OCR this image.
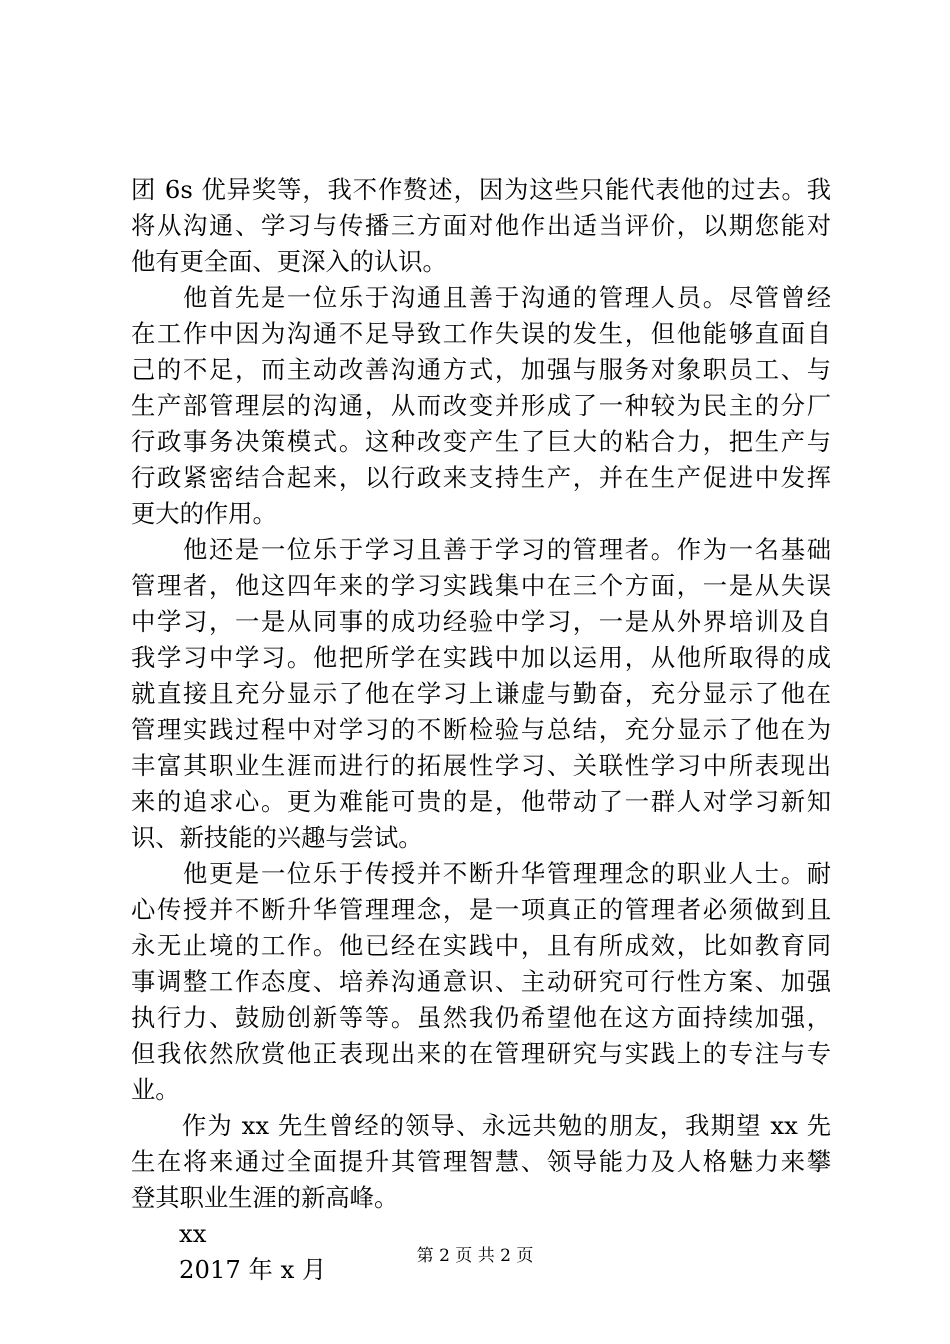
团 6s 优异奖等，我不作赘述，因为这些只能代表他的过去。我
将从沟通、学习与传播三方面对他作出适当评价，以期您能对
他有更全面、更深入的认识。
　　他首先是一位乐于沟通且善于沟通的管理人员。尽管曾经
在工作中因为沟通不足导致工作失误的发生，但他能够直面自
己的不足，而主动改善沟通方式，加强与服务对象职员工、与
生产部管理层的沟通，从而改变并形成了一种较为民主的分厂
行政事务决策模式。这种改变产生了巨大的粘合力，把生产与
行政紧密结合起来，以行政来支持生产，并在生产促进中发挥
更大的作用。
　　他还是一位乐于学习且善于学习的管理者。作为一名基础
管理者，他这四年来的学习实践集中在三个方面，一是从失误
中学习，一是从同事的成功经验中学习，一是从外界培训及自
我学习中学习。他把所学在实践中加以运用，从他所取得的成
就直接且充分显示了他在学习上谦虚与勤奋，充分显示了他在
管理实践过程中对学习的不断检验与总结，充分显示了他在为
丰富其职业生涯而进行的拓展性学习、关联性学习中所表现出
来的追求心。更为难能可贵的是，他带动了一群人对学习新知
识、新技能的兴趣与尝试。
　　他更是一位乐于传授并不断升华管理理念的职业人士。耐
心传授并不断升华管理理念，是一项真正的管理者必须做到且
永无止境的工作。他已经在实践中，且有所成效，比如教育同
事调整工作态度、培养沟通意识、主动研究可行性方案、加强
执行力、鼓励创新等等。虽然我仍希望他在这方面持续加强，
但我依然欣赏他正表现出来的在管理研究与实践上的专注与专
业。
　　作为 xx 先生曾经的领导、永远共勉的朋友，我期望 xx 先
生在将来通过全面提升其管理智慧、领导能力及人格魅力来攀
登其职业生涯的新高峰。
xx
2017 年 x 月	第 2 页 共 2 页
